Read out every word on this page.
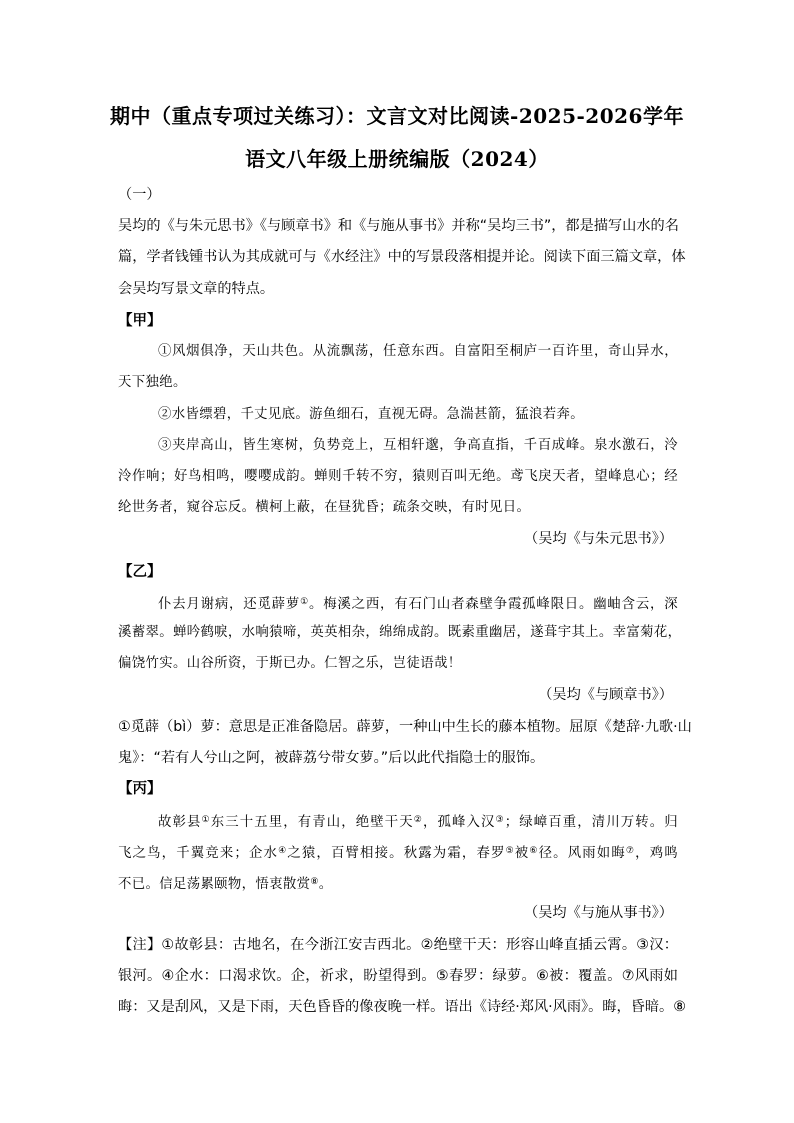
期中（重点专项过关练习）：文言文对比阅读-2025-2026学年
语文八年级上册统编版（2024）
（一）
吴均的《与朱元思书》《与顾章书》和《与施从事书》并称“吴均三书”，都是描写山水的名
篇，学者钱锺书认为其成就可与《水经注》中的写景段落相提并论。阅读下面三篇文章，体
会吴均写景文章的特点。
【甲】
①风烟俱净，天山共色。从流飘荡，任意东西。自富阳至桐庐一百许里，奇山异水，
天下独绝。
②水皆缥碧，千丈见底。游鱼细石，直视无碍。急湍甚箭，猛浪若奔。
③夹岸高山，皆生寒树，负势竞上，互相轩邈，争高直指，千百成峰。泉水激石，泠
泠作响；好鸟相鸣，嘤嘤成韵。蝉则千转不穷，猿则百叫无绝。鸢飞戾天者，望峰息心；经
纶世务者，窥谷忘反。横柯上蔽，在昼犹昏；疏条交映，有时见日。
（吴均《与朱元思书》）
【乙】
仆去月谢病，还觅薜萝①。梅溪之西，有石门山者森壁争霞孤峰限日。幽岫含云，深
溪蓄翠。蝉吟鹤唳，水响猿啼，英英相杂，绵绵成韵。既素重幽居，遂葺宇其上。幸富菊花，
偏饶竹实。山谷所资，于斯已办。仁智之乐，岂徒语哉！
（吴均《与顾章书》）
①觅薜（bì）萝：意思是正准备隐居。薜萝，一种山中生长的藤本植物。屈原《楚辞·九歌·山
鬼》：“若有人兮山之阿，被薜荔兮带女萝。”后以此代指隐士的服饰。
【丙】
故彰县①东三十五里，有青山，绝壁干天②，孤峰入汉③；绿嶂百重，清川万转。归
飞之鸟，千翼竞来；企水④之猿，百臂相接。秋露为霜，春罗⑤被⑥径。风雨如晦⑦，鸡鸣
不已。信足荡累颐物，悟衷散赏⑧。
（吴均《与施从事书》）
【注】①故彰县：古地名，在今浙江安吉西北。②绝壁干天：形容山峰直插云霄。③汉：
银河。④企水：口渴求饮。企，祈求，盼望得到。⑤春罗：绿萝。⑥被：覆盖。⑦风雨如
晦：又是刮风，又是下雨，天色昏昏的像夜晚一样。语出《诗经·郑风·风雨》。晦，昏暗。⑧
